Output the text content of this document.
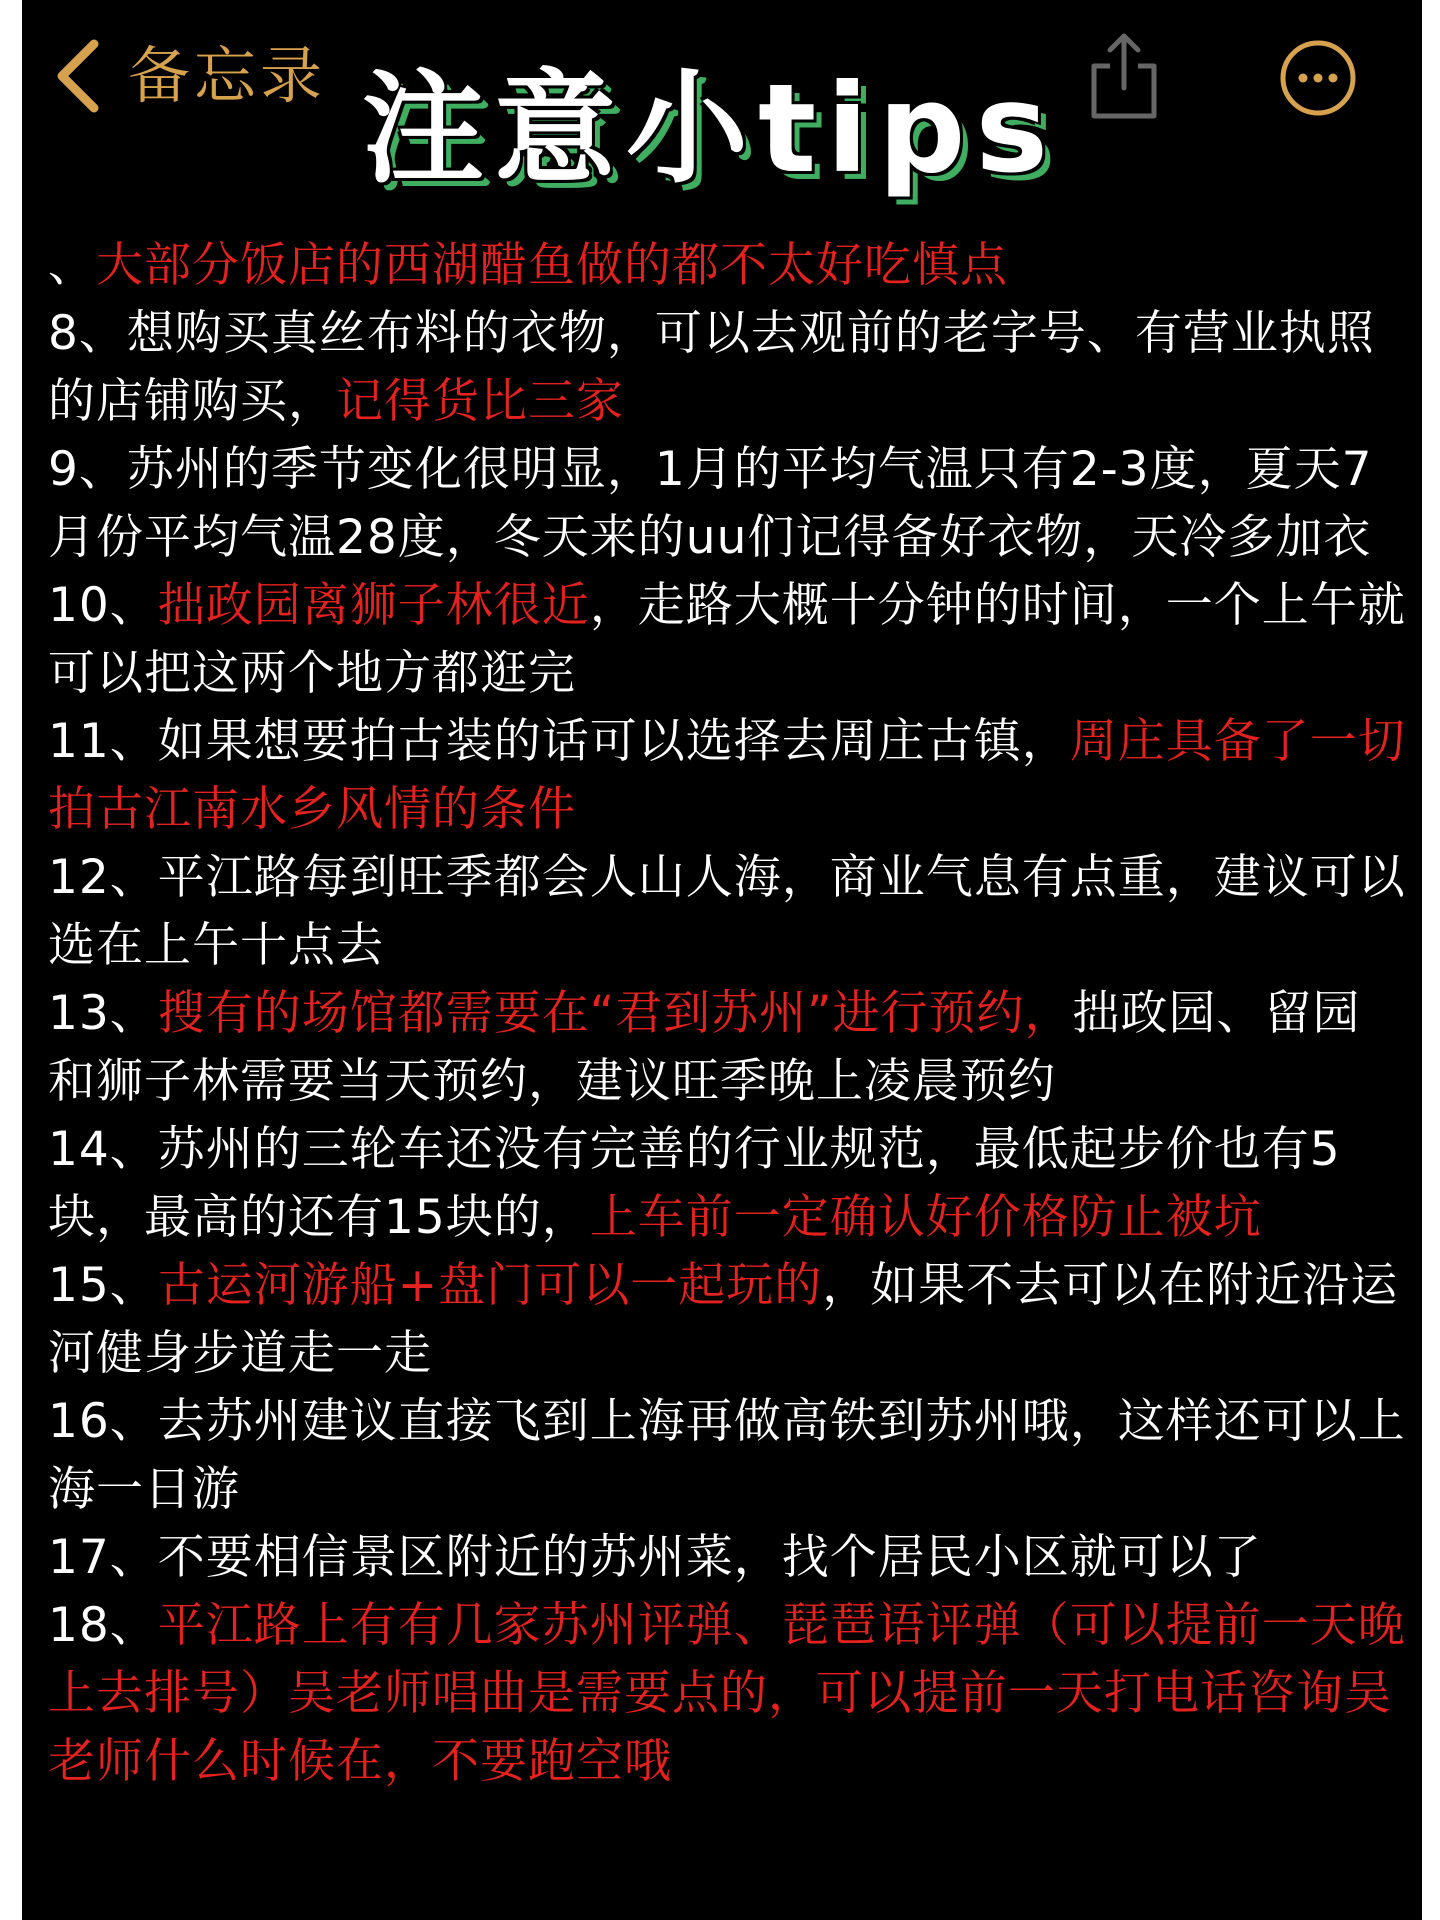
备忘录 注意小tips

、大部分饭店的西湖醋鱼做的都不太好吃慎点

8、想购买真丝布料的衣物，可以去观前的老字号、有营业执照的店铺购买，记得货比三家

9、苏州的季节变化很明显，1月的平均气温只有2-3度，夏天7月份平均气温28度，冬天来的uu们记得备好衣物，天冷多加衣

10、拙政园离狮子林很近，走路大概十分钟的时间，一个上午就可以把这两个地方都逛完

11、如果想要拍古装的话可以选择去周庄古镇，周庄具备了一切拍古江南水乡风情的条件

12、平江路每到旺季都会人山人海，商业气息有点重，建议可以选在上午十点去

13、搜有的场馆都需要在“君到苏州”进行预约，拙政园、留园和狮子林需要当天预约，建议旺季晚上凌晨预约

14、苏州的三轮车还没有完善的行业规范，最低起步价也有5块，最高的还有15块的，上车前一定确认好价格防止被坑

15、古运河游船+盘门可以一起玩的，如果不去可以在附近沿运河健身步道走一走

16、去苏州建议直接飞到上海再做高铁到苏州哦，这样还可以上海一日游

17、不要相信景区附近的苏州菜，找个居民小区就可以了

18、平江路上有有几家苏州评弹、琵琶语评弹（可以提前一天晚上去排号）吴老师唱曲是需要点的，可以提前一天打电话咨询吴老师什么时候在，不要跑空哦
